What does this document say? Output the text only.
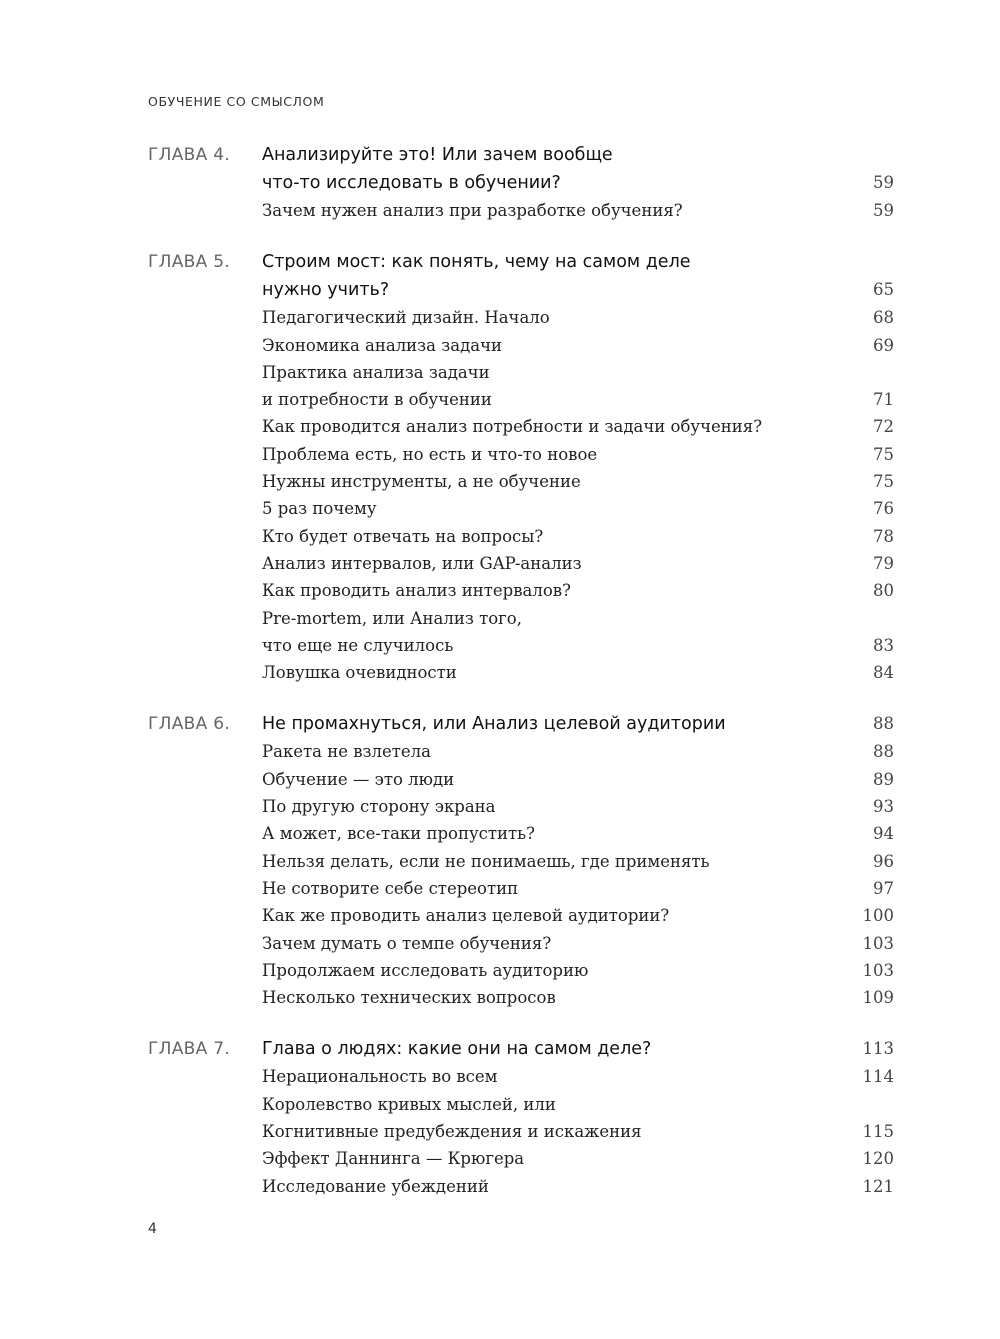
ОБУЧЕНИЕ СО СМЫСЛОМ
ГЛАВА 4.	Анализируйте это! Или зачем вообще
что-то исследовать в обучении?	59
Зачем нужен анализ при разработке обучения?	59
ГЛАВА 5.	Строим мост: как понять, чему на самом деле
нужно учить?	65
Педагогический дизайн. Начало	68
Экономика анализа задачи	69
Практика анализа задачи
и потребности в обучении	71
Как проводится анализ потребности и задачи обучения?	72
Проблема есть, но есть и что-то новое	75
Нужны инструменты, а не обучение	75
5 раз почему	76
Кто будет отвечать на вопросы?	78
Анализ интервалов, или GAP-анализ	79
Как проводить анализ интервалов?	80
Pre-mortem, или Анализ того,
что еще не случилось	83
Ловушка очевидности	84
ГЛАВА 6.	Не промахнуться, или Анализ целевой аудитории	88
Ракета не взлетела	88
Обучение — это люди	89
По другую сторону экрана	93
А может, все-таки пропустить?	94
Нельзя делать, если не понимаешь, где применять	96
Не сотворите себе стереотип	97
Как же проводить анализ целевой аудитории?	100
Зачем думать о темпе обучения?	103
Продолжаем исследовать аудиторию	103
Несколько технических вопросов	109
ГЛАВА 7.	Глава о людях: какие они на самом деле?	113
Нерациональность во всем	114
Королевство кривых мыслей, или
Когнитивные предубеждения и искажения	115
Эффект Даннинга — Крюгера	120
Исследование убеждений	121
4
